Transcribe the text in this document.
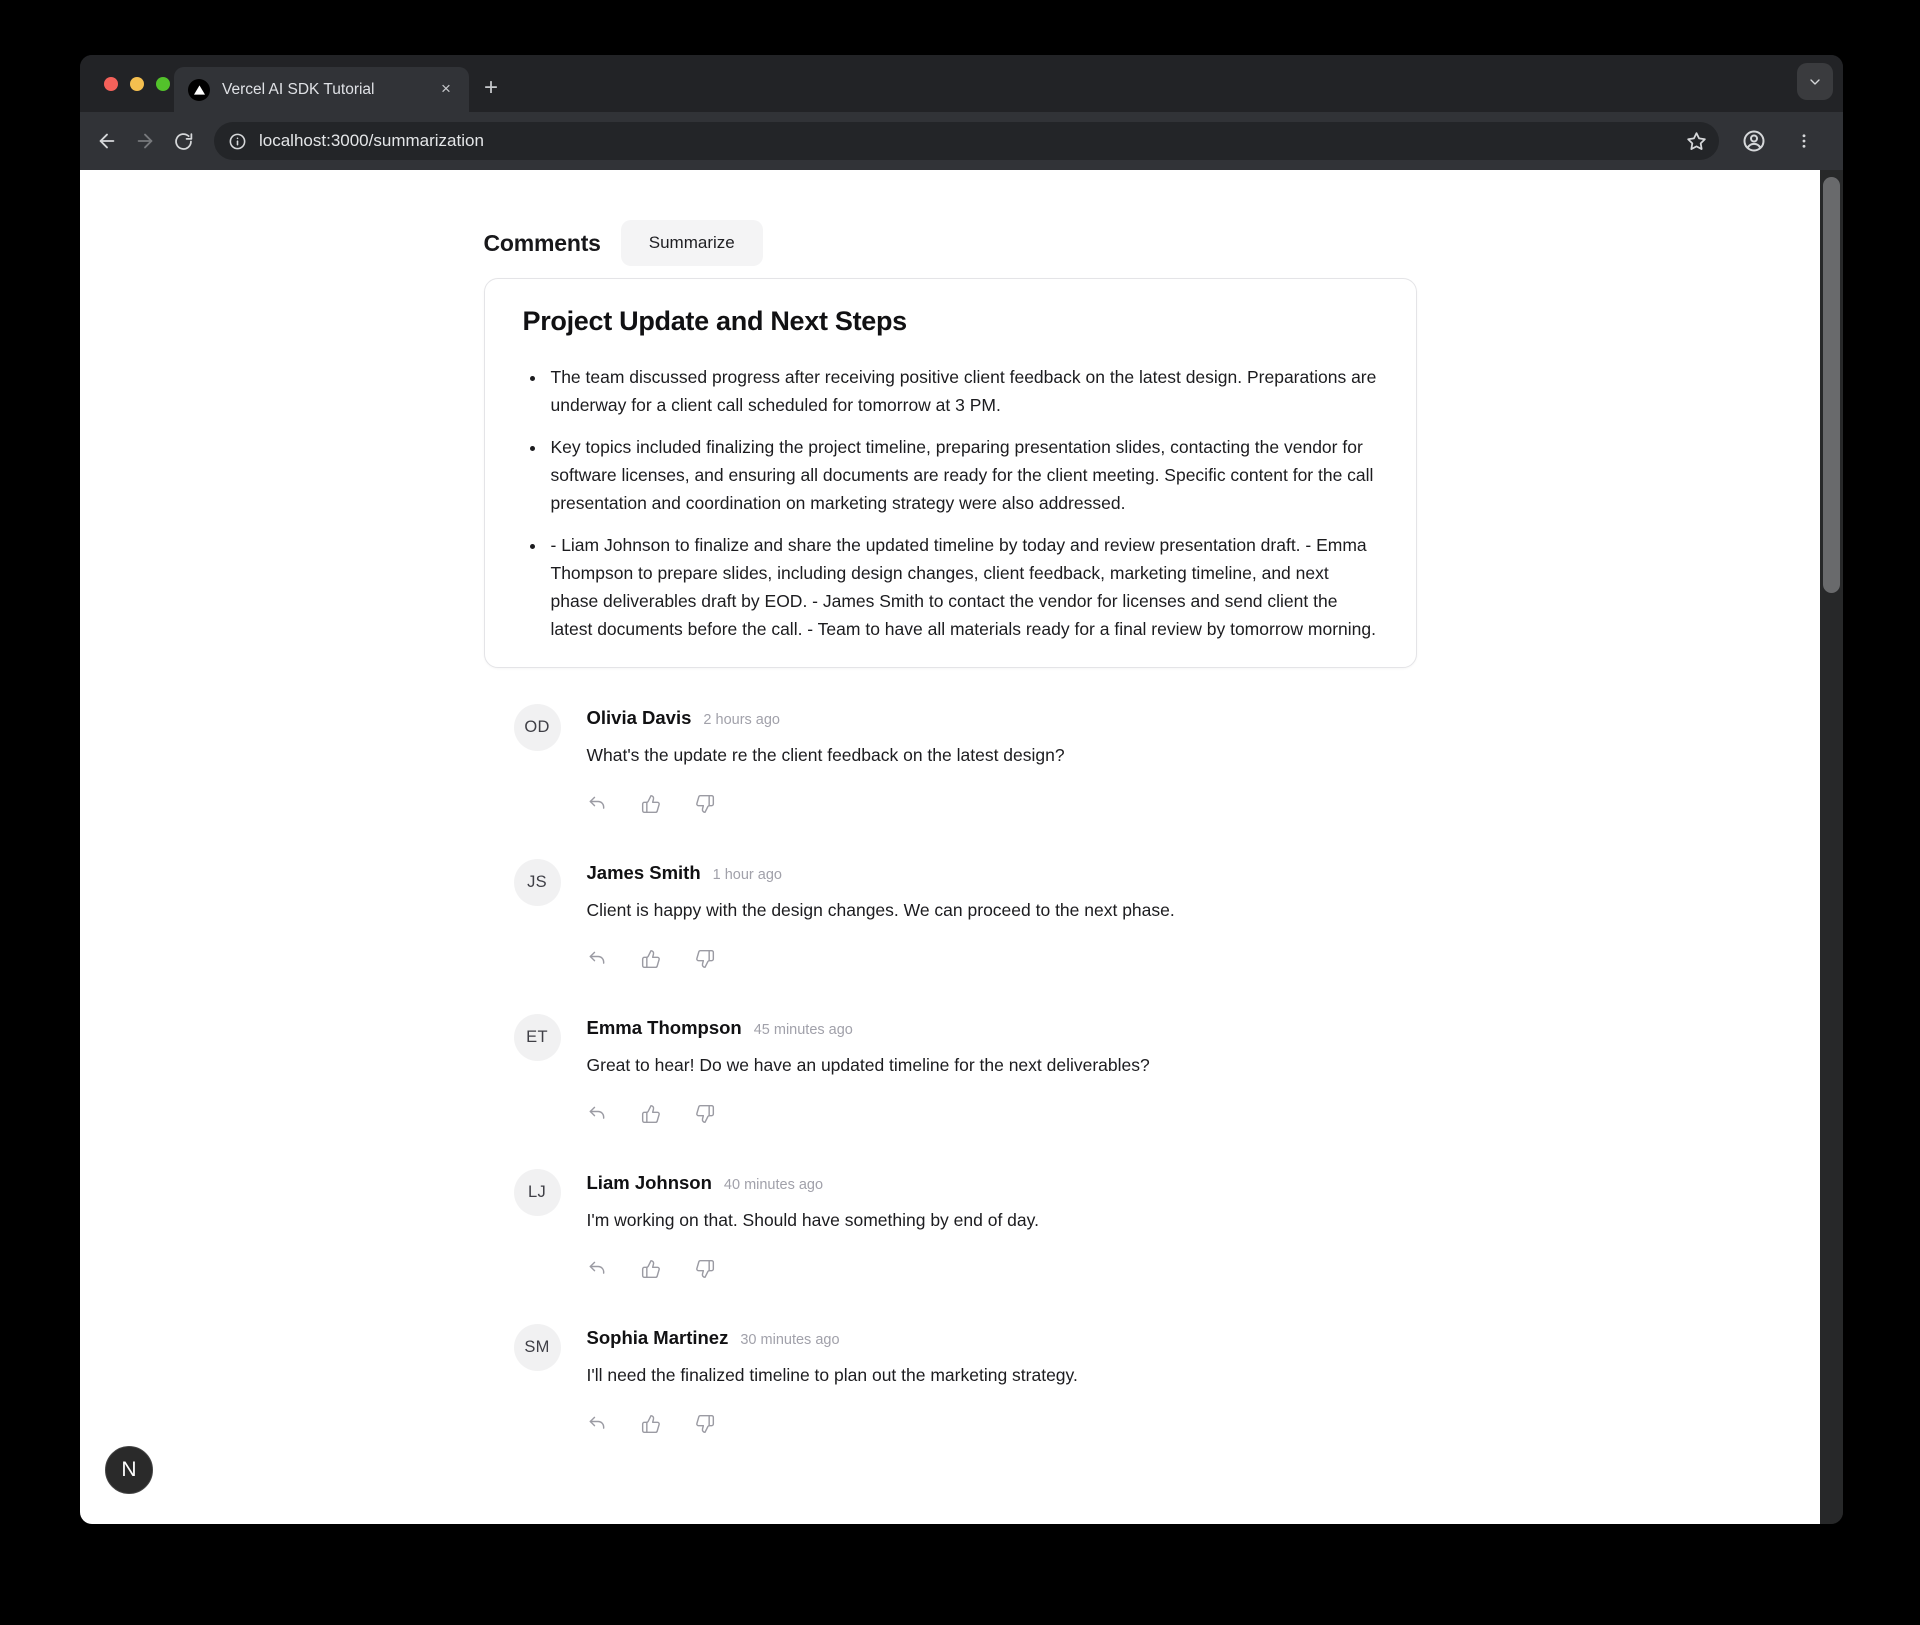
Vercel AI SDK Tutorial	×	+
localhost:3000/summarization
Comments	Summarize
Project Update and Next Steps
• The team discussed progress after receiving positive client feedback on the latest design. Preparations are underway for a client call scheduled for tomorrow at 3 PM.
• Key topics included finalizing the project timeline, preparing presentation slides, contacting the vendor for software licenses, and ensuring all documents are ready for the client meeting. Specific content for the call presentation and coordination on marketing strategy were also addressed.
• - Liam Johnson to finalize and share the updated timeline by today and review presentation draft. - Emma Thompson to prepare slides, including design changes, client feedback, marketing timeline, and next phase deliverables draft by EOD. - James Smith to contact the vendor for licenses and send client the latest documents before the call. - Team to have all materials ready for a final review by tomorrow morning.
OD	Olivia Davis 2 hours ago
What's the update re the client feedback on the latest design?
JS	James Smith 1 hour ago
Client is happy with the design changes. We can proceed to the next phase.
ET	Emma Thompson 45 minutes ago
Great to hear! Do we have an updated timeline for the next deliverables?
LJ	Liam Johnson 40 minutes ago
I'm working on that. Should have something by end of day.
SM	Sophia Martinez 30 minutes ago
I'll need the finalized timeline to plan out the marketing strategy.
N
